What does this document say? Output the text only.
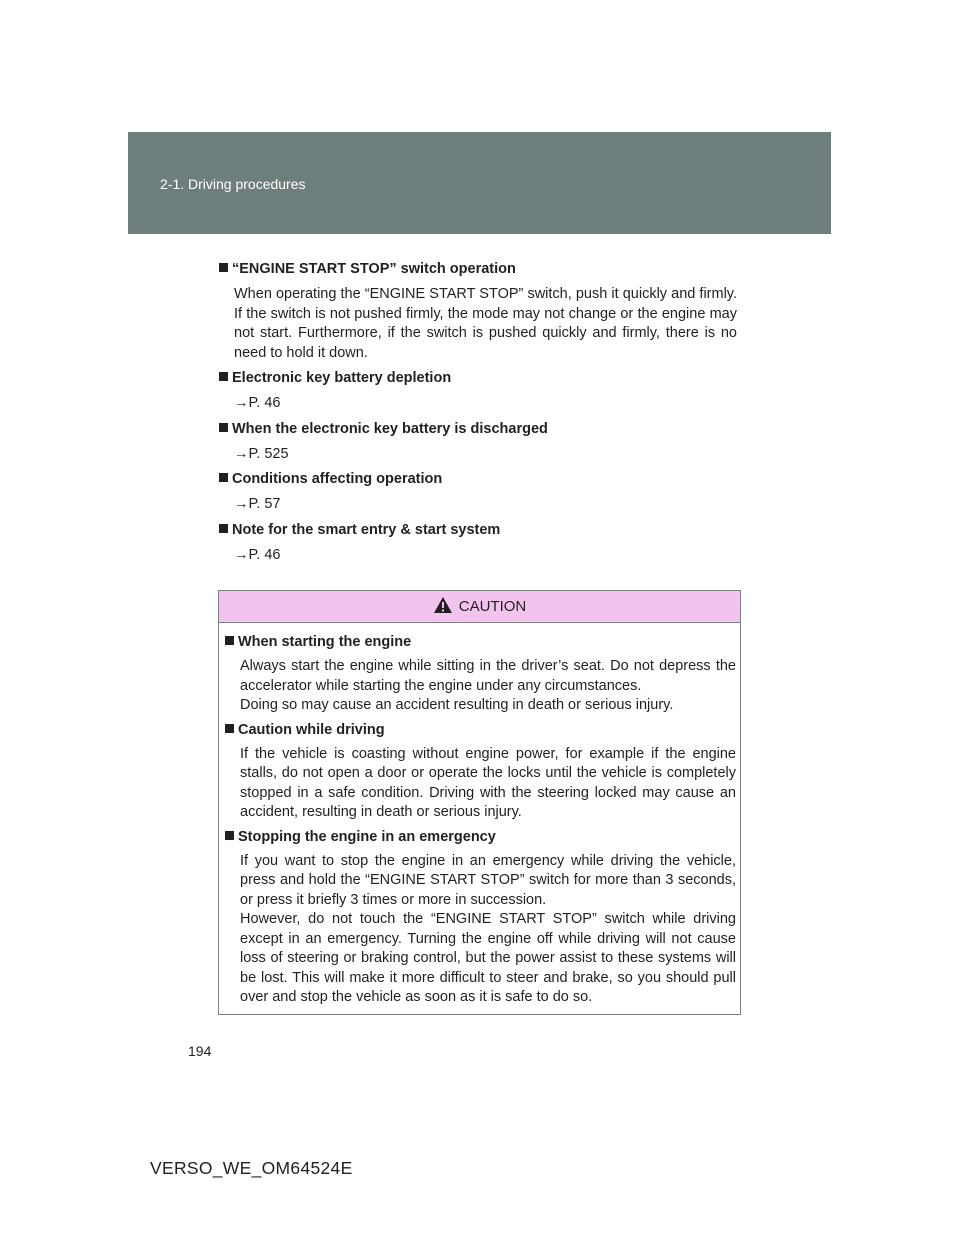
2-1. Driving procedures

“ENGINE START STOP” switch operation

When operating the “ENGINE START STOP” switch, push it quickly and firmly. If the switch is not pushed firmly, the mode may not change or the engine may not start. Furthermore, if the switch is pushed quickly and firmly, there is no need to hold it down.

Electronic key battery depletion

→P. 46

When the electronic key battery is discharged

→P. 525

Conditions affecting operation

→P. 57

Note for the smart entry & start system

→P. 46
CAUTION

When starting the engine

Always start the engine while sitting in the driver’s seat. Do not depress the accelerator while starting the engine under any circumstances.
Doing so may cause an accident resulting in death or serious injury.

Caution while driving

If the vehicle is coasting without engine power, for example if the engine stalls, do not open a door or operate the locks until the vehicle is completely stopped in a safe condition. Driving with the steering locked may cause an accident, resulting in death or serious injury.

Stopping the engine in an emergency

If you want to stop the engine in an emergency while driving the vehicle, press and hold the “ENGINE START STOP” switch for more than 3 seconds, or press it briefly 3 times or more in succession.
However, do not touch the “ENGINE START STOP” switch while driving except in an emergency. Turning the engine off while driving will not cause loss of steering or braking control, but the power assist to these systems will be lost. This will make it more difficult to steer and brake, so you should pull over and stop the vehicle as soon as it is safe to do so.
194
VERSO_WE_OM64524E
